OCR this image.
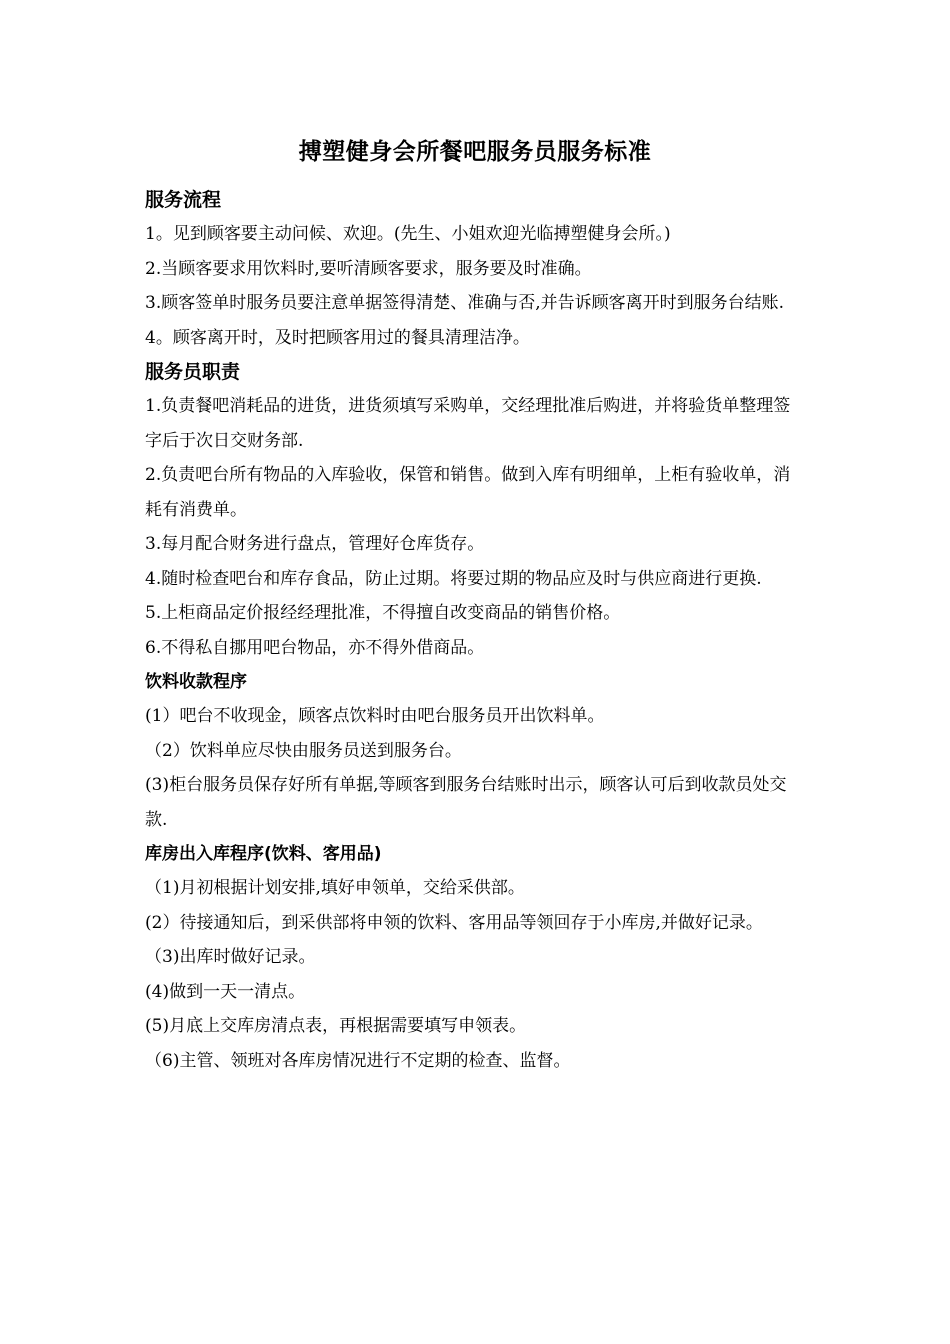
搏塑健身会所餐吧服务员服务标准
服务流程

1。见到顾客要主动问候、欢迎。(先生、小姐欢迎光临搏塑健身会所。)

2.当顾客要求用饮料时,要听清顾客要求，服务要及时准确。

3.顾客签单时服务员要注意单据签得清楚、准确与否,并告诉顾客离开时到服务台结账.

4。顾客离开时，及时把顾客用过的餐具清理洁净。

服务员职责

1.负责餐吧消耗品的进货，进货须填写采购单，交经理批准后购进，并将验货单整理签字后于次日交财务部.

2.负责吧台所有物品的入库验收，保管和销售。做到入库有明细单，上柜有验收单，消耗有消费单。

3.每月配合财务进行盘点，管理好仓库货存。

4.随时检查吧台和库存食品，防止过期。将要过期的物品应及时与供应商进行更换.

5.上柜商品定价报经经理批准，不得擅自改变商品的销售价格。

6.不得私自挪用吧台物品，亦不得外借商品。

饮料收款程序

(1）吧台不收现金，顾客点饮料时由吧台服务员开出饮料单。

（2）饮料单应尽快由服务员送到服务台。

(3)柜台服务员保存好所有单据,等顾客到服务台结账时出示，顾客认可后到收款员处交款.

库房出入库程序(饮料、客用品)

（1)月初根据计划安排,填好申领单，交给采供部。

(2）待接通知后，到采供部将申领的饮料、客用品等领回存于小库房,并做好记录。

（3)出库时做好记录。

(4)做到一天一清点。

(5)月底上交库房清点表，再根据需要填写申领表。

（6)主管、领班对各库房情况进行不定期的检查、监督。
